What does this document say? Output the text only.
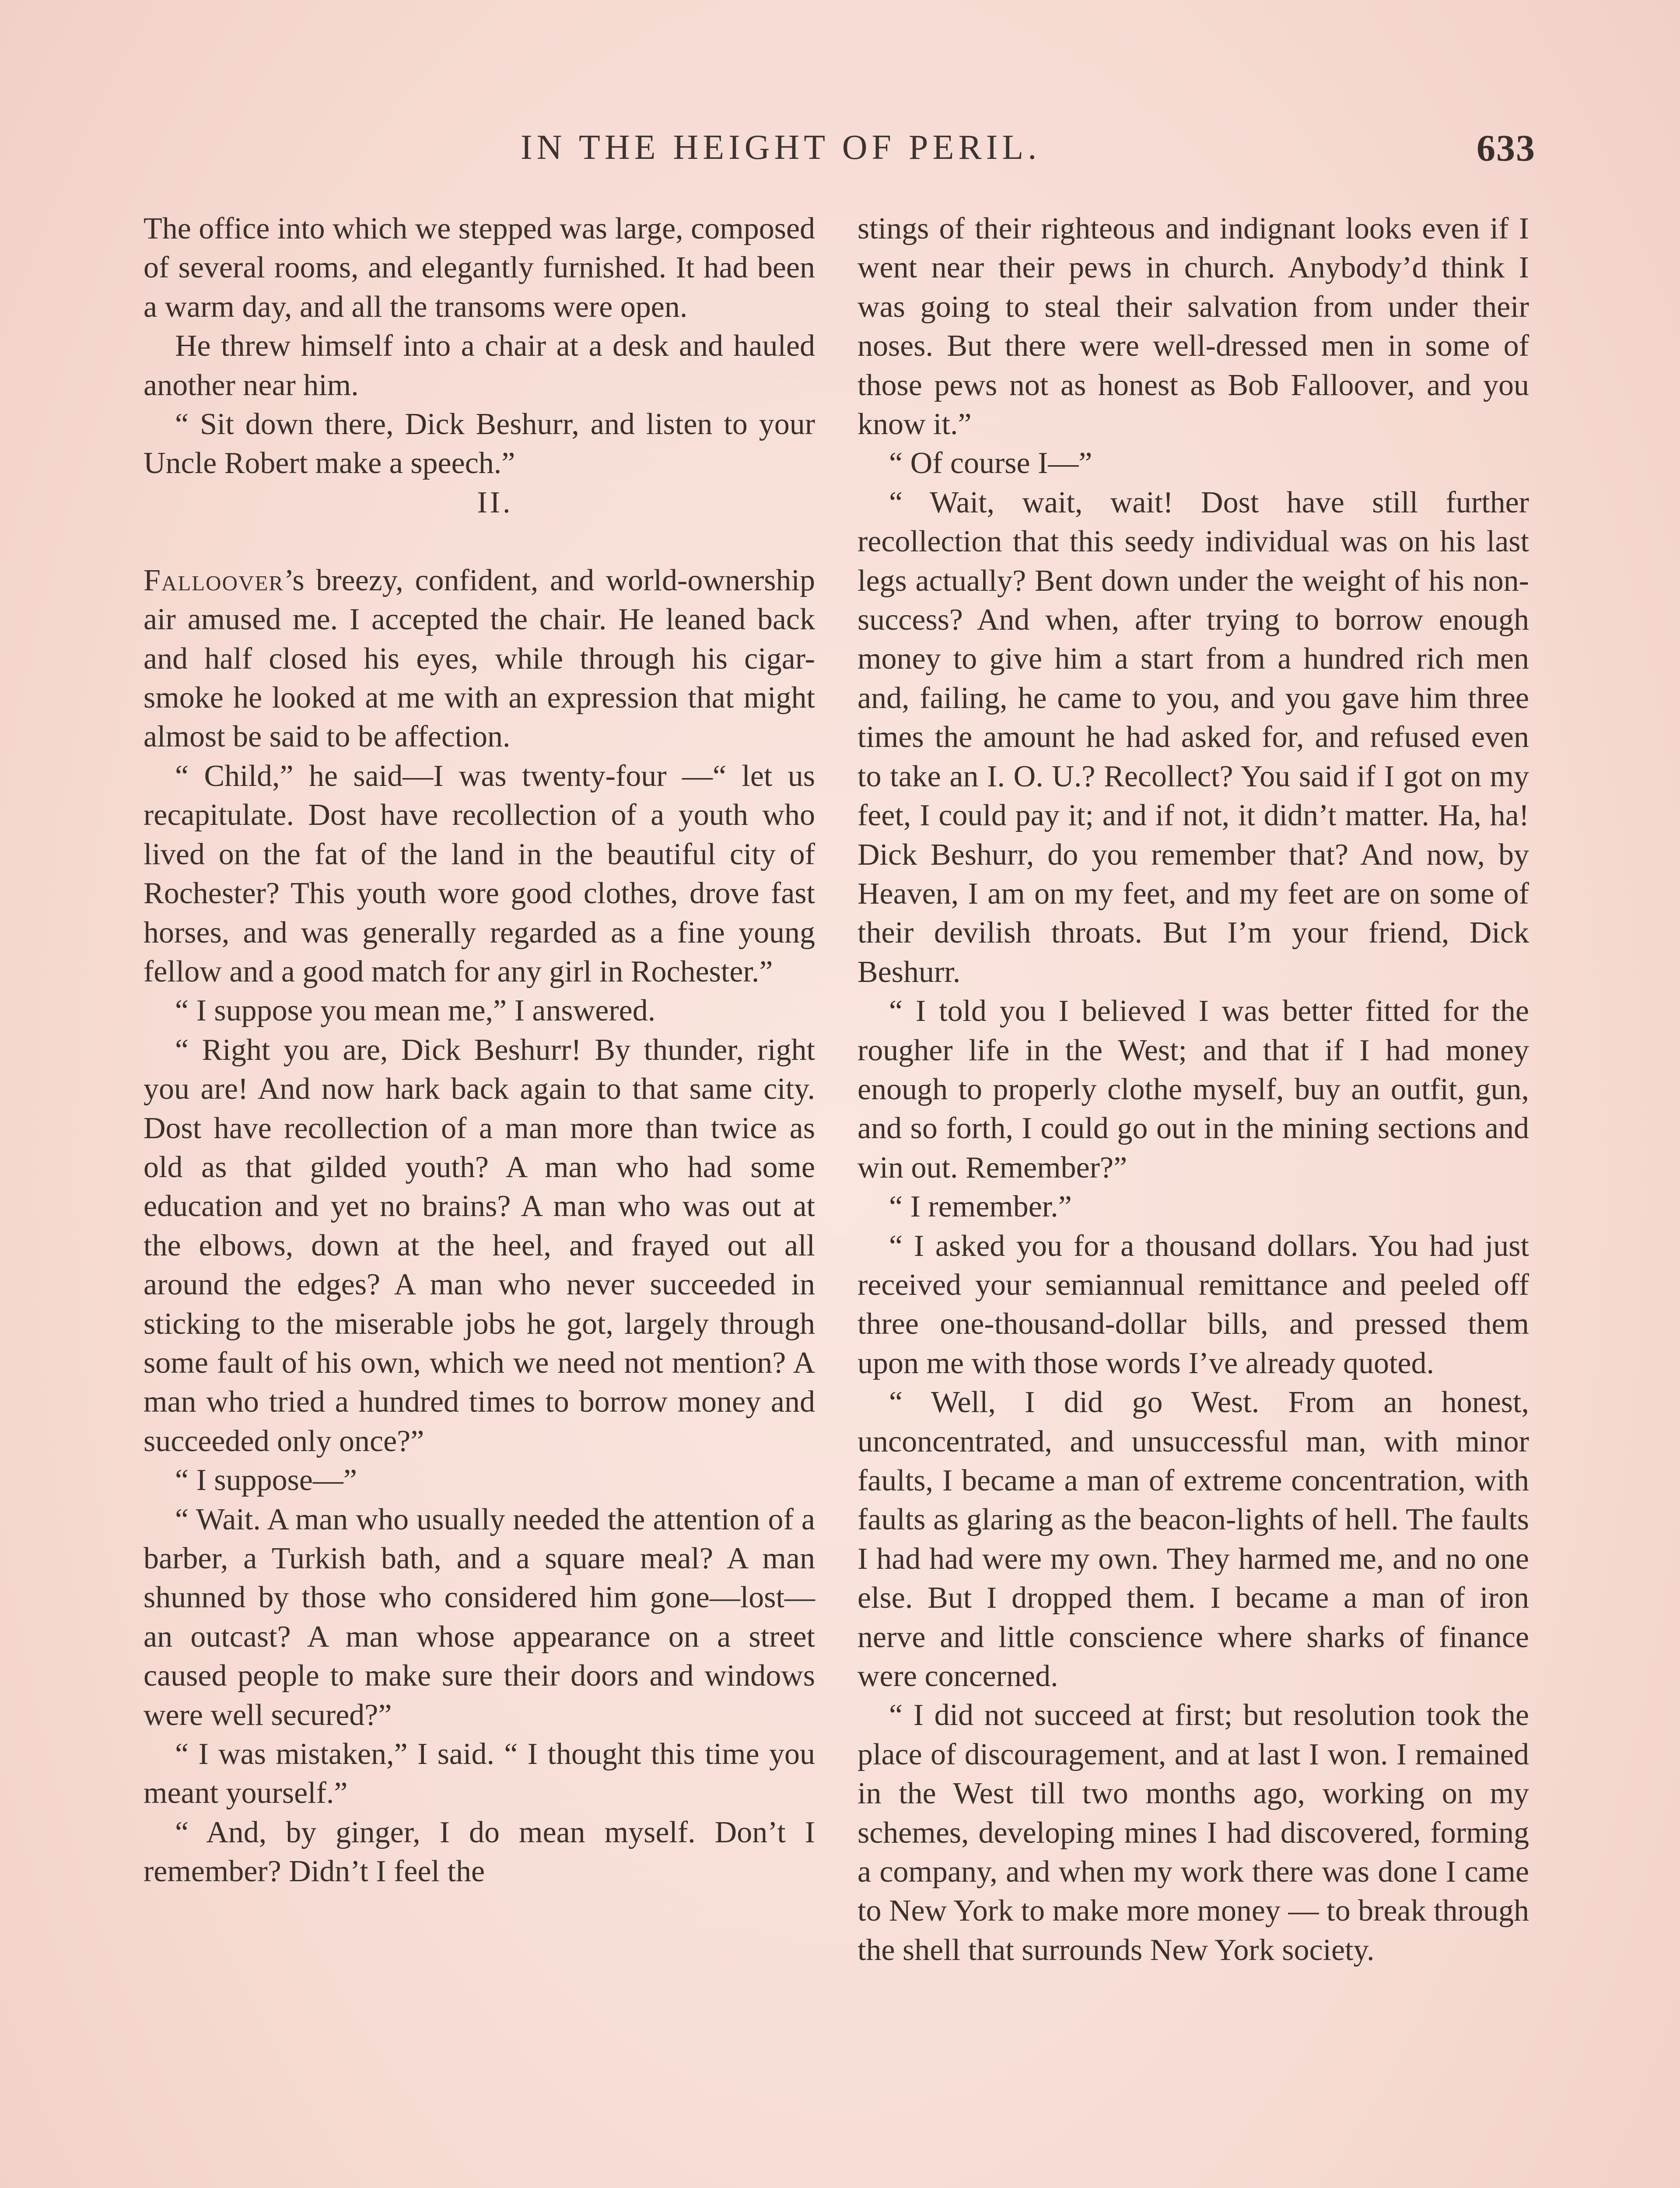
IN THE HEIGHT OF PERIL.	633

The office into which we stepped was large, composed of several rooms, and elegantly furnished. It had been a warm day, and all the transoms were open.

He threw himself into a chair at a desk and hauled another near him.

“ Sit down there, Dick Beshurr, and listen to your Uncle Robert make a speech.”

II.

Falloover’s breezy, confident, and world-ownership air amused me. I accepted the chair. He leaned back and half closed his eyes, while through his cigar-smoke he looked at me with an expression that might almost be said to be affection.

“ Child,” he said—I was twenty-four —“ let us recapitulate. Dost have recollection of a youth who lived on the fat of the land in the beautiful city of Rochester? This youth wore good clothes, drove fast horses, and was generally regarded as a fine young fellow and a good match for any girl in Rochester.”

“ I suppose you mean me,” I answered.

“ Right you are, Dick Beshurr! By thunder, right you are! And now hark back again to that same city. Dost have recollection of a man more than twice as old as that gilded youth? A man who had some education and yet no brains? A man who was out at the elbows, down at the heel, and frayed out all around the edges? A man who never succeeded in sticking to the miserable jobs he got, largely through some fault of his own, which we need not mention? A man who tried a hundred times to borrow money and succeeded only once?”

“ I suppose—”

“ Wait. A man who usually needed the attention of a barber, a Turkish bath, and a square meal? A man shunned by those who considered him gone—lost— an outcast? A man whose appearance on a street caused people to make sure their doors and windows were well secured?”

“ I was mistaken,” I said. “ I thought this time you meant yourself.”

“ And, by ginger, I do mean myself. Don’t I remember? Didn’t I feel the

stings of their righteous and indignant looks even if I went near their pews in church. Anybody’d think I was going to steal their salvation from under their noses. But there were well-dressed men in some of those pews not as honest as Bob Falloover, and you know it.”

“ Of course I—”

“ Wait, wait, wait! Dost have still further recollection that this seedy individual was on his last legs actually? Bent down under the weight of his non-success? And when, after trying to borrow enough money to give him a start from a hundred rich men and, failing, he came to you, and you gave him three times the amount he had asked for, and refused even to take an I. O. U.? Recollect? You said if I got on my feet, I could pay it; and if not, it didn’t matter. Ha, ha! Dick Beshurr, do you remember that? And now, by Heaven, I am on my feet, and my feet are on some of their devilish throats. But I’m your friend, Dick Beshurr.

“ I told you I believed I was better fitted for the rougher life in the West; and that if I had money enough to properly clothe myself, buy an outfit, gun, and so forth, I could go out in the mining sections and win out. Remember?”

“ I remember.”

“ I asked you for a thousand dollars. You had just received your semiannual remittance and peeled off three one-thousand-dollar bills, and pressed them upon me with those words I’ve already quoted.

“ Well, I did go West. From an honest, unconcentrated, and unsuccessful man, with minor faults, I became a man of extreme concentration, with faults as glaring as the beacon-lights of hell. The faults I had had were my own. They harmed me, and no one else. But I dropped them. I became a man of iron nerve and little conscience where sharks of finance were concerned.

“ I did not succeed at first; but resolution took the place of discouragement, and at last I won. I remained in the West till two months ago, working on my schemes, developing mines I had discovered, forming a company, and when my work there was done I came to New York to make more money — to break through the shell that surrounds New York society.
